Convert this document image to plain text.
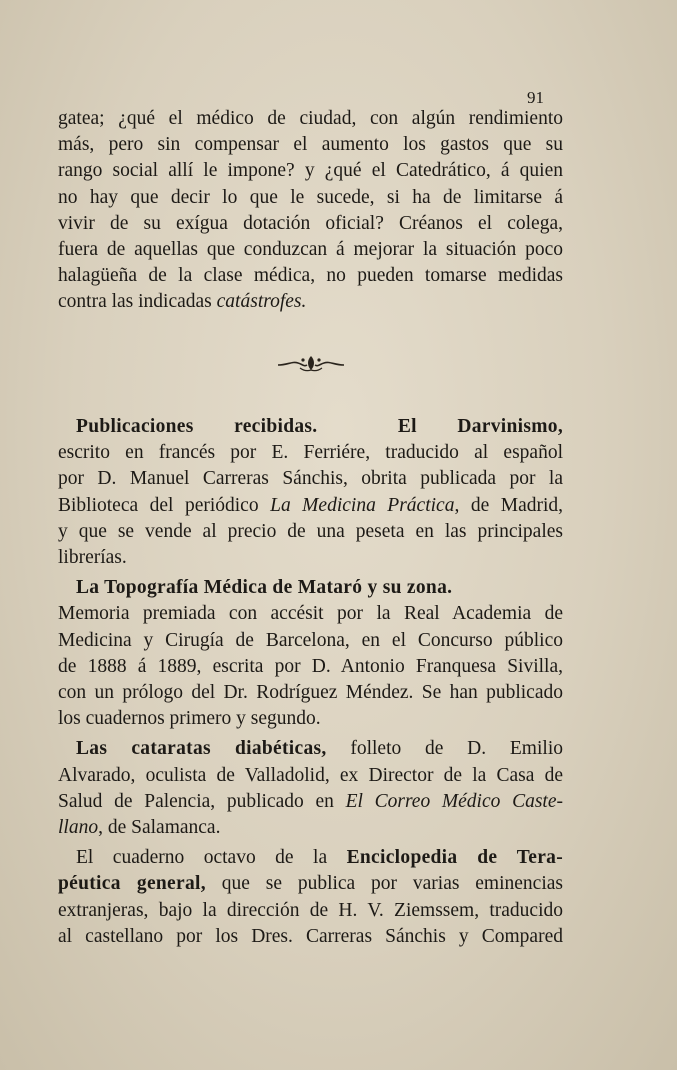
91
gatea; ¿qué el médico de ciudad, con algún rendimiento
más, pero sin compensar el aumento los gastos que su
rango social allí le impone? y ¿qué el Catedrático, á quien
no hay que decir lo que le sucede, si ha de limitarse á
vivir de su exígua dotación oficial? Créanos el colega,
fuera de aquellas que conduzcan á mejorar la situación poco
halagüeña de la clase médica, no pueden tomarse medidas
contra las indicadas catástrofes.
Publicaciones recibidas.	El Darvinismo,
escrito en francés por E. Ferriére, traducido al español
por D. Manuel Carreras Sánchis, obrita publicada por la
Biblioteca del periódico La Medicina Práctica, de Madrid,
y que se vende al precio de una peseta en las principales
librerías.
La Topografía Médica de Mataró y su zona.
Memoria premiada con accésit por la Real Academia de
Medicina y Cirugía de Barcelona, en el Concurso público
de 1888 á 1889, escrita por D. Antonio Franquesa Sivilla,
con un prólogo del Dr. Rodríguez Méndez. Se han publicado
los cuadernos primero y segundo.
Las cataratas diabéticas, folleto de D. Emilio
Alvarado, oculista de Valladolid, ex Director de la Casa de
Salud de Palencia, publicado en El Correo Médico Caste-
llano, de Salamanca.
El cuaderno octavo de la Enciclopedia de Tera-
péutica general, que se publica por varias eminencias
extranjeras, bajo la dirección de H. V. Ziemssem, traducido
al castellano por los Dres. Carreras Sánchis y Compared
